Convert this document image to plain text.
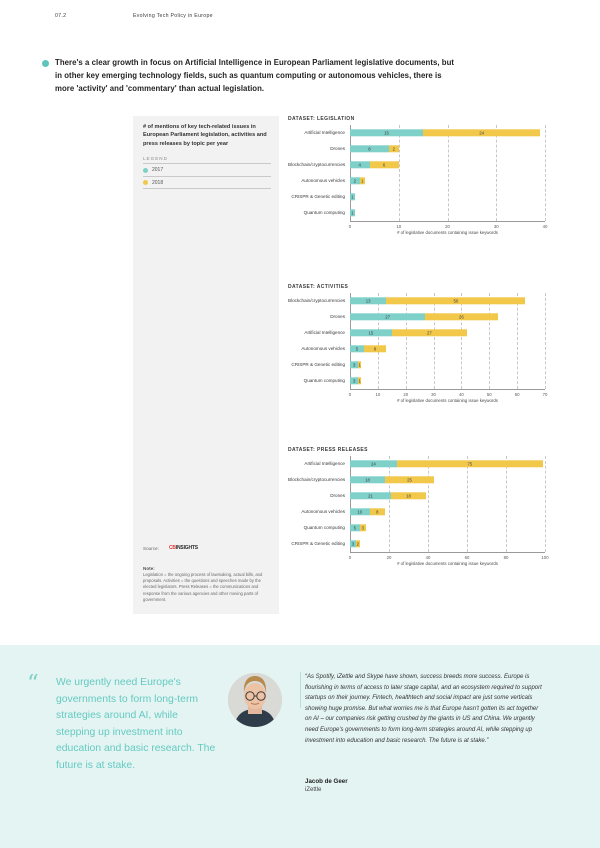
07.2	Evolving Tech Policy in Europe

There's a clear growth in focus on Artificial Intelligence in European Parliament legislative documents, but in other key emerging technology fields, such as quantum computing or autonomous vehicles, there is more 'activity' and 'commentary' than actual legislation.

# of mentions of key tech-related issues in European Parliament legislation, activities and press releases by topic per year
LEGEND
2017
2018
Source: CBINSIGHTS
Note:
Legislation = the ongoing process of lawmaking, actual bills, and proposals. Activities = the questions and speeches made by the elected legislators. Press Releases = the communications and response from the various agencies and other moving parts of government.
DATASET: LEGISLATION
Artificial Intelligence	15	24
Drones	8	2
Blockchain/cryptocurrencies	4	6
Autonomous vehicles	2	1
CRISPR & Genetic editing	1
Quantum computing	1
0	10	20	30	40
# of legislative documents containing issue keywords
DATASET: ACTIVITIES
Blockchain/cryptocurrencies	13	50
Drones	27	26
Artificial Intelligence	15	27
Autonomous vehicles	5	8
CRISPR & Genetic editing	3 1
Quantum computing	3 1
0	10	20	30	40	50	60	70
# of legislative documents containing issue keywords
DATASET: PRESS RELEASES
Artificial Intelligence	24	75
Blockchain/cryptocurrencies	18	25
Drones	21	18
Autonomous vehicles	10	8
Quantum computing	5	3
CRISPR & Genetic editing	3 2
0	20	40	60	80	100
# of legislative documents containing issue keywords
“ We urgently need Europe's governments to form long-term strategies around AI, while stepping up investment into education and basic research. The future is at stake.
“As Spotify, iZettle and Skype have shown, success breeds more success. Europe is flourishing in terms of access to later stage capital, and an ecosystem required to support startups on their journey. Fintech, healthtech and social impact are just some verticals showing huge promise. But what worries me is that Europe hasn't gotten its act together on AI – our companies risk getting crushed by the giants in US and China. We urgently need Europe's governments to form long-term strategies around AI, while stepping up investment into education and basic research. The future is at stake.”
Jacob de Geer
iZettle
